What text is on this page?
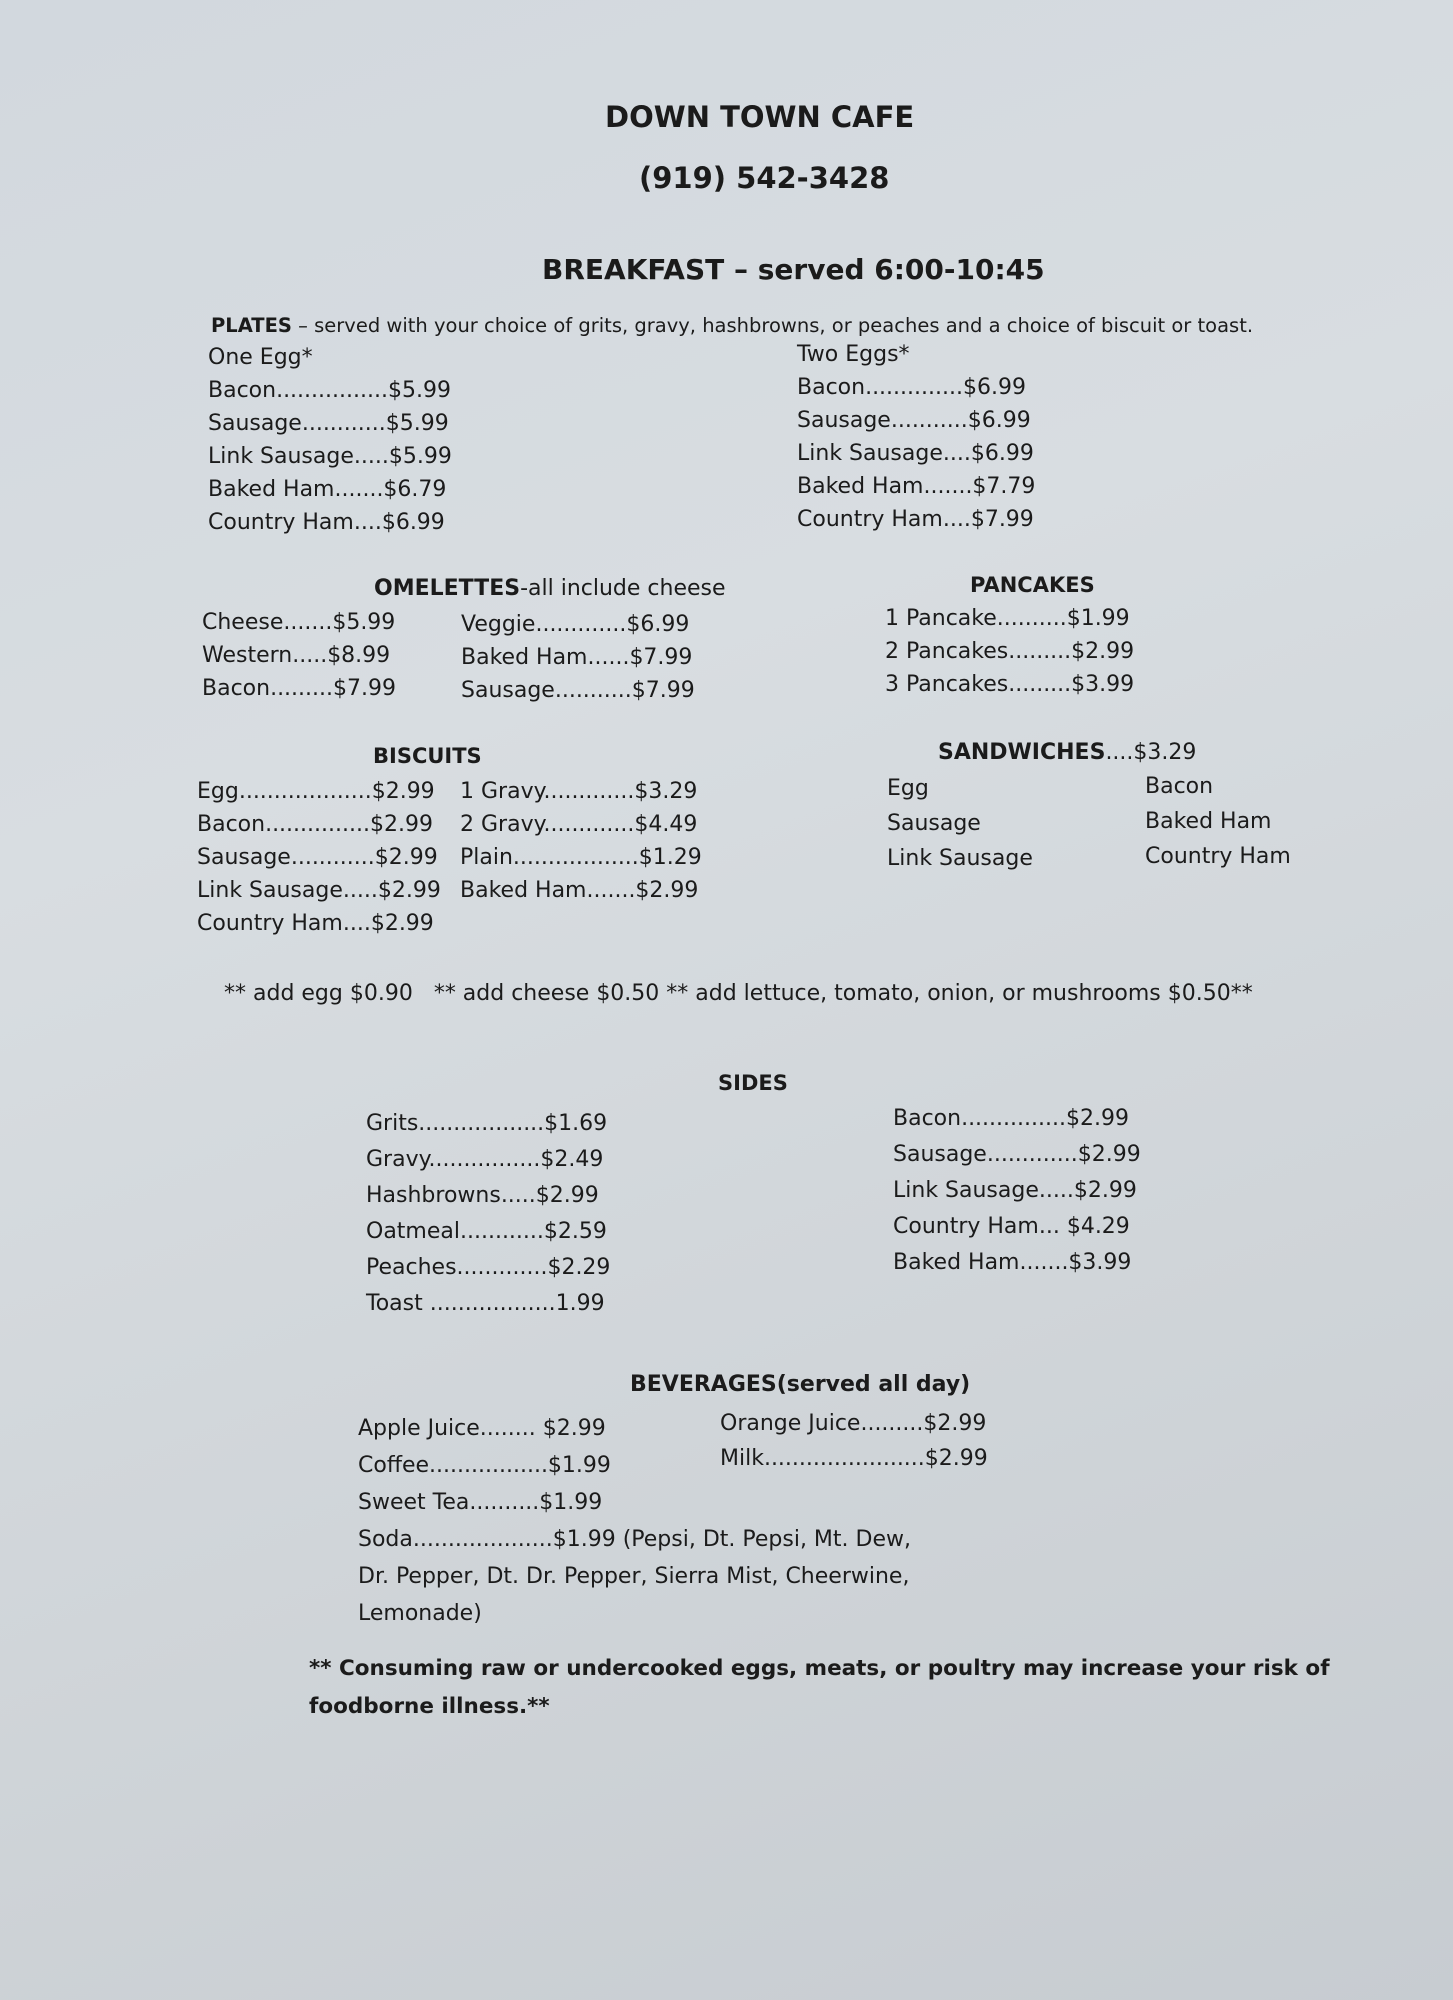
DOWN TOWN CAFE
(919) 542-3428
BREAKFAST – served 6:00-10:45
PLATES – served with your choice of grits, gravy, hashbrowns, or peaches and a choice of biscuit or toast.
One Egg*
Bacon................$5.99
Sausage............$5.99
Link Sausage.....$5.99
Baked Ham.......$6.79
Country Ham....$6.99
Two Eggs*
Bacon..............$6.99
Sausage...........$6.99
Link Sausage....$6.99
Baked Ham.......$7.79
Country Ham....$7.99
OMELETTES-all include cheese
Cheese.......$5.99
Western.....$8.99
Bacon.........$7.99
Veggie.............$6.99
Baked Ham......$7.99
Sausage...........$7.99
PANCAKES
1 Pancake..........$1.99
2 Pancakes.........$2.99
3 Pancakes.........$3.99
BISCUITS
Egg...................$2.99
Bacon...............$2.99
Sausage............$2.99
Link Sausage.....$2.99
Country Ham....$2.99
1 Gravy.............$3.29
2 Gravy.............$4.49
Plain..................$1.29
Baked Ham.......$2.99
SANDWICHES....$3.29
Egg
Sausage
Link Sausage
Bacon
Baked Ham
Country Ham
** add egg $0.90   ** add cheese $0.50 ** add lettuce, tomato, onion, or mushrooms $0.50**
SIDES
Grits..................$1.69
Gravy................$2.49
Hashbrowns.....$2.99
Oatmeal............$2.59
Peaches.............$2.29
Toast ..................1.99
Bacon...............$2.99
Sausage.............$2.99
Link Sausage.....$2.99
Country Ham... $4.29
Baked Ham.......$3.99
BEVERAGES(served all day)
Apple Juice........ $2.99
Coffee.................$1.99
Sweet Tea..........$1.99
Soda....................$1.99 (Pepsi, Dt. Pepsi, Mt. Dew,
Dr. Pepper, Dt. Dr. Pepper, Sierra Mist, Cheerwine,
Lemonade)
Orange Juice.........$2.99
Milk.......................$2.99
** Consuming raw or undercooked eggs, meats, or poultry may increase your risk of
foodborne illness.**
